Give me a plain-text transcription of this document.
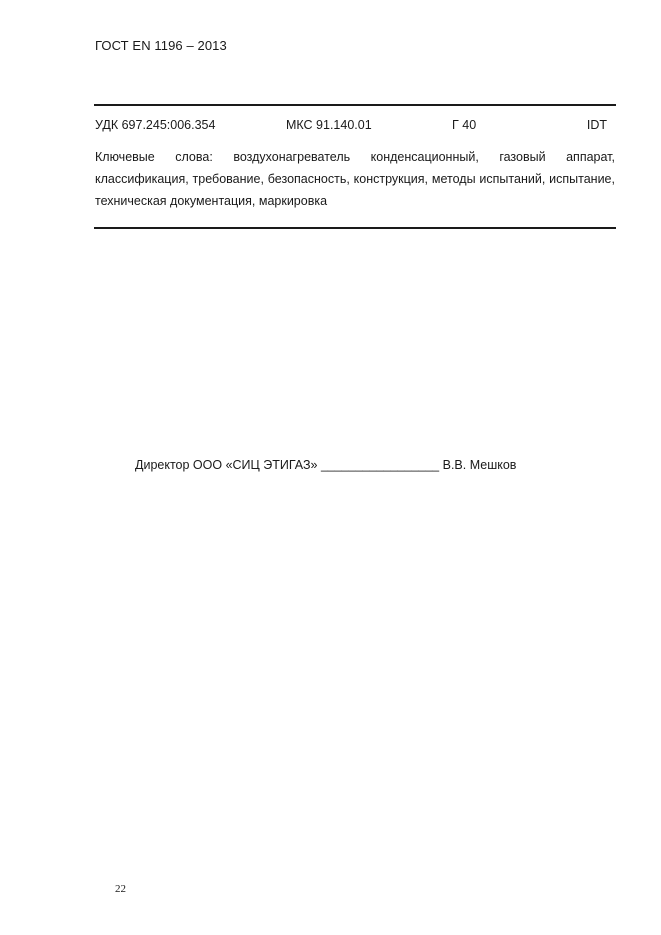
ГОСТ EN 1196 – 2013
УДК 697.245:006.354	МКС 91.140.01	Г 40	IDT
Ключевые слова: воздухонагреватель конденсационный, газовый аппарат, классификация, требование, безопасность, конструкция, методы испытаний, испытание, техническая документация, маркировка
Директор ООО «СИЦ ЭТИГАЗ» _________________ В.В. Мешков
22
